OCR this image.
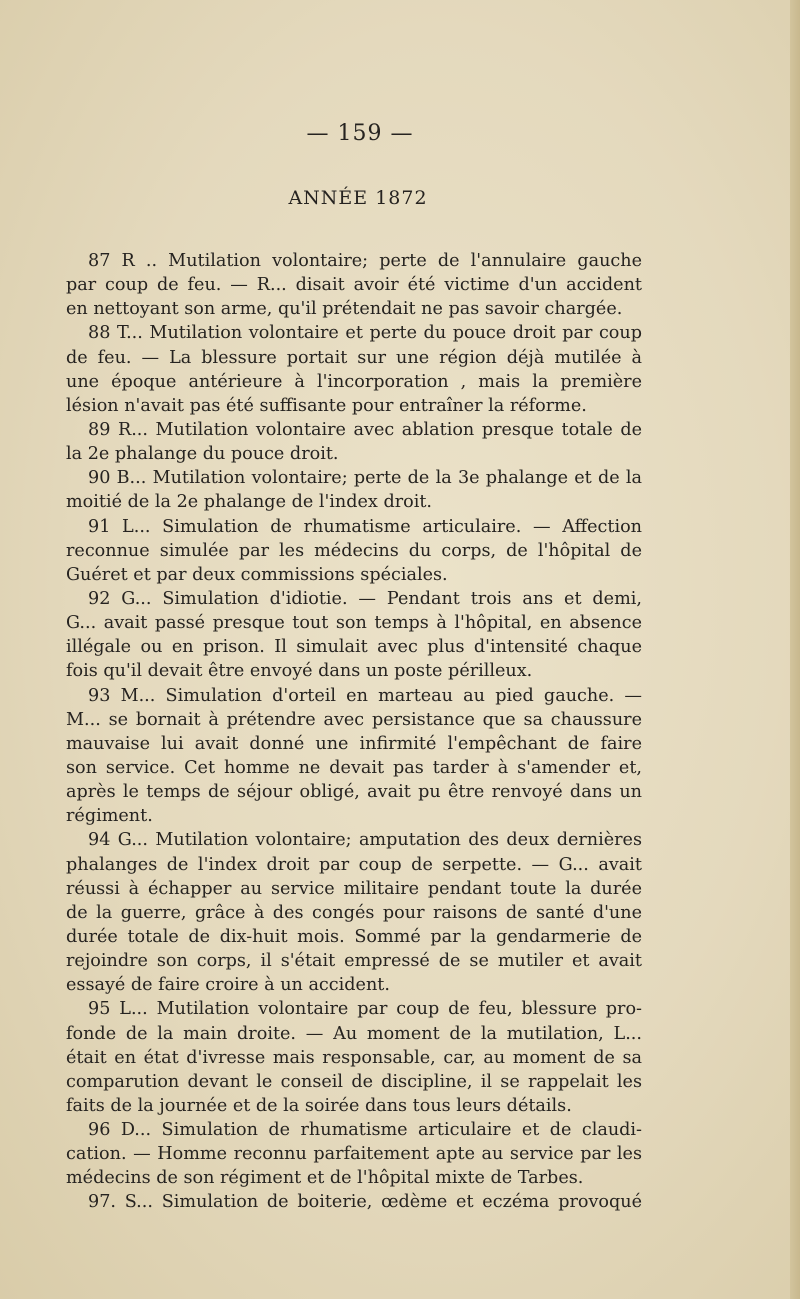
— 159 —
ANNÉE 1872
87 R .. Mutilation volontaire; perte de l'annulaire gauche
par coup de feu. — R... disait avoir été victime d'un accident
en nettoyant son arme, qu'il prétendait ne pas savoir chargée.
88 T... Mutilation volontaire et perte du pouce droit par coup
de feu. — La blessure portait sur une région déjà mutilée à
une époque antérieure à l'incorporation , mais la première
lésion n'avait pas été suffisante pour entraîner la réforme.
89 R... Mutilation volontaire avec ablation presque totale de
la 2e phalange du pouce droit.
90 B... Mutilation volontaire; perte de la 3e phalange et de la
moitié de la 2e phalange de l'index droit.
91 L... Simulation de rhumatisme articulaire. — Affection
reconnue simulée par les médecins du corps, de l'hôpital de
Guéret et par deux commissions spéciales.
92 G... Simulation d'idiotie. — Pendant trois ans et demi,
G... avait passé presque tout son temps à l'hôpital, en absence
illégale ou en prison. Il simulait avec plus d'intensité chaque
fois qu'il devait être envoyé dans un poste périlleux.
93 M... Simulation d'orteil en marteau au pied gauche. —
M... se bornait à prétendre avec persistance que sa chaussure
mauvaise lui avait donné une infirmité l'empêchant de faire
son service. Cet homme ne devait pas tarder à s'amender et,
après le temps de séjour obligé, avait pu être renvoyé dans un
régiment.
94 G... Mutilation volontaire; amputation des deux dernières
phalanges de l'index droit par coup de serpette. — G... avait
réussi à échapper au service militaire pendant toute la durée
de la guerre, grâce à des congés pour raisons de santé d'une
durée totale de dix-huit mois. Sommé par la gendarmerie de
rejoindre son corps, il s'était empressé de se mutiler et avait
essayé de faire croire à un accident.
95 L... Mutilation volontaire par coup de feu, blessure pro-
fonde de la main droite. — Au moment de la mutilation, L...
était en état d'ivresse mais responsable, car, au moment de sa
comparution devant le conseil de discipline, il se rappelait les
faits de la journée et de la soirée dans tous leurs détails.
96 D... Simulation de rhumatisme articulaire et de claudi-
cation. — Homme reconnu parfaitement apte au service par les
médecins de son régiment et de l'hôpital mixte de Tarbes.
97. S... Simulation de boiterie, œdème et eczéma provoqué
